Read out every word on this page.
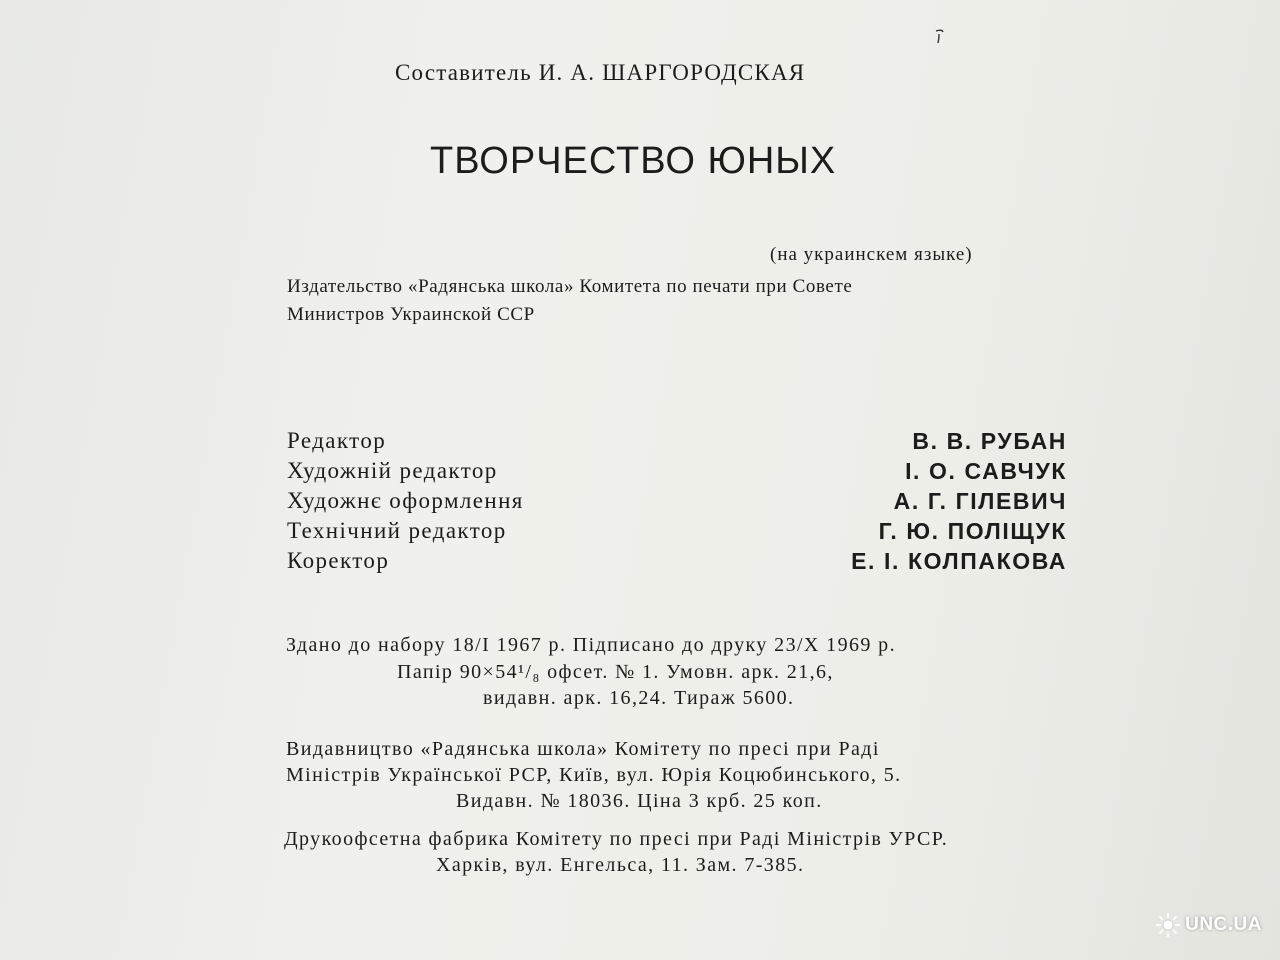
Составитель И. А. ШАРГОРОДСКАЯ
ТВОРЧЕСТВО ЮНЫХ
(на украинскем языке)
Издательство «Радянська школа» Комитета по печати при Совете
Министров Украинской ССР
Редактор	В. В. РУБАН
Художній редактор	І. О. САВЧУК
Художнє оформлення	А. Г. ГІЛЕВИЧ
Технічний редактор	Г. Ю. ПОЛІЩУК
Коректор	Е. І. КОЛПАКОВА
Здано до набору 18/I 1967 р. Підписано до друку 23/X 1969 р.
Папір 90×54¹/₈ офсет. № 1. Умовн. арк. 21,6,
видавн. арк. 16,24. Тираж 5600.
Видавництво «Радянська школа» Комітету по пресі при Раді
Міністрів Української РСР, Київ, вул. Юрія Коцюбинського, 5.
Видавн. № 18036. Ціна 3 крб. 25 коп.
Друкоофсетна фабрика Комітету по пресі при Раді Міністрів УРСР.
Харків, вул. Енгельса, 11. Зам. 7-385.
UNC.UA
